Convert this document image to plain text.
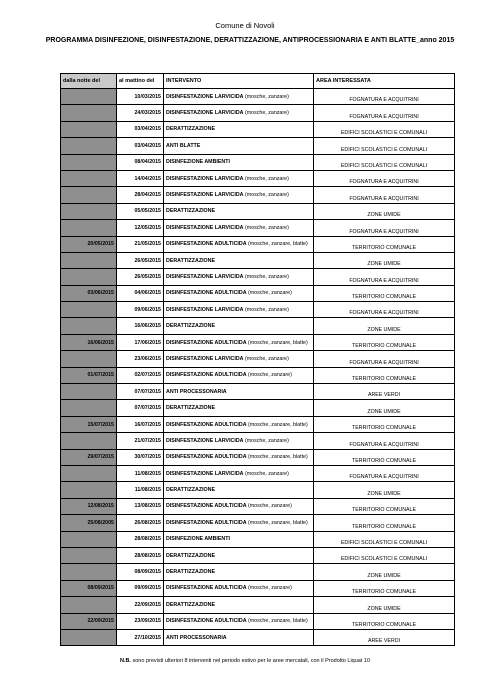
Comune di Novoli
PROGRAMMA DISINFEZIONE, DISINFESTAZIONE, DERATTIZZAZIONE, ANTIPROCESSIONARIA E ANTI BLATTE_anno 2015
dalla notte del	al mattino del	INTERVENTO	AREA INTERESSATA
	10/03/2015	DISINFESTAZIONE LARVICIDA (mosche, zanzare)	FOGNATURA E ACQUITRINI
	24/03/2015	DISINFESTAZIONE LARVICIDA (mosche, zanzare)	FOGNATURA E ACQUITRINI
	03/04/2015	DERATTIZZAZIONE	EDIFICI SCOLASTICI E COMUNALI
	03/04/2015	ANTI BLATTE	EDIFICI SCOLASTICI E COMUNALI
	08/04/2015	DISINFEZIONE AMBIENTI	EDIFICI SCOLASTICI E COMUNALI
	14/04/2015	DISINFESTAZIONE LARVICIDA (mosche, zanzare)	FOGNATURA E ACQUITRINI
	28/04/2015	DISINFESTAZIONE LARVICIDA (mosche, zanzare)	FOGNATURA E ACQUITRINI
	05/05/2015	DERATTIZZAZIONE	ZONE UMIDE
	12/05/2015	DISINFESTAZIONE LARVICIDA (mosche, zanzare)	FOGNATURA E ACQUITRINI
20/05/2015	21/05/2015	DISINFESTAZIONE ADULTICIDA (mosche, zanzare, blatte)	TERRITORIO COMUNALE
	26/05/2015	DERATTIZZAZIONE	ZONE UMIDE
	26/05/2015	DISINFESTAZIONE LARVICIDA (mosche, zanzare)	FOGNATURA E ACQUITRINI
03/06/2015	04/06/2015	DISINFESTAZIONE ADULTICIDA (mosche, zanzare)	TERRITORIO COMUNALE
	09/06/2015	DISINFESTAZIONE LARVICIDA (mosche, zanzare)	FOGNATURA E ACQUITRINI
	16/06/2015	DERATTIZZAZIONE	ZONE UMIDE
16/06/2015	17/06/2015	DISINFESTAZIONE ADULTICIDA (mosche, zanzare, blatte)	TERRITORIO COMUNALE
	23/06/2015	DISINFESTAZIONE LARVICIDA (mosche, zanzare)	FOGNATURA E ACQUITRINI
01/07/2015	02/07/2015	DISINFESTAZIONE ADULTICIDA (mosche, zanzare)	TERRITORIO COMUNALE
	07/07/2015	ANTI PROCESSONARIA	AREE VERDI
	07/07/2015	DERATTIZZAZIONE	ZONE UMIDE
15/07/2015	16/07/2015	DISINFESTAZIONE ADULTICIDA (mosche, zanzare, blatte)	TERRITORIO COMUNALE
	21/07/2015	DISINFESTAZIONE LARVICIDA (mosche, zanzare)	FOGNATURA E ACQUITRINI
29/07/2015	30/07/2015	DISINFESTAZIONE ADULTICIDA (mosche, zanzare, blatte)	TERRITORIO COMUNALE
	11/08/2015	DISINFESTAZIONE LARVICIDA (mosche, zanzare)	FOGNATURA E ACQUITRINI
	11/08/2015	DERATTIZZAZIONE	ZONE UMIDE
12/08/2015	13/08/2015	DISINFESTAZIONE ADULTICIDA (mosche, zanzare)	TERRITORIO COMUNALE
25/08/2005	26/08/2015	DISINFESTAZIONE ADULTICIDA (mosche, zanzare, blatte)	TERRITORIO COMUNALE
	28/08/2015	DISINFEZIONE AMBIENTI	EDIFICI SCOLASTICI E COMUNALI
	28/08/2015	DERATTIZZAZIONE	EDIFICI SCOLASTICI E COMUNALI
	08/09/2015	DERATTIZZAZIONE	ZONE UMIDE
08/09/2015	09/09/2015	DISINFESTAZIONE ADULTICIDA (mosche, zanzare)	TERRITORIO COMUNALE
	22/09/2015	DERATTIZZAZIONE	ZONE UMIDE
22/09/2015	23/09/2015	DISINFESTAZIONE ADULTICIDA (mosche, zanzare, blatte)	TERRITORIO COMUNALE
	27/10/2015	ANTI PROCESSONARIA	AREE VERDI
N.B. sono previsti ulteriori 8 interventi nel periodo estivo per le aree mercatali, con il Prodotto Liquat 10
